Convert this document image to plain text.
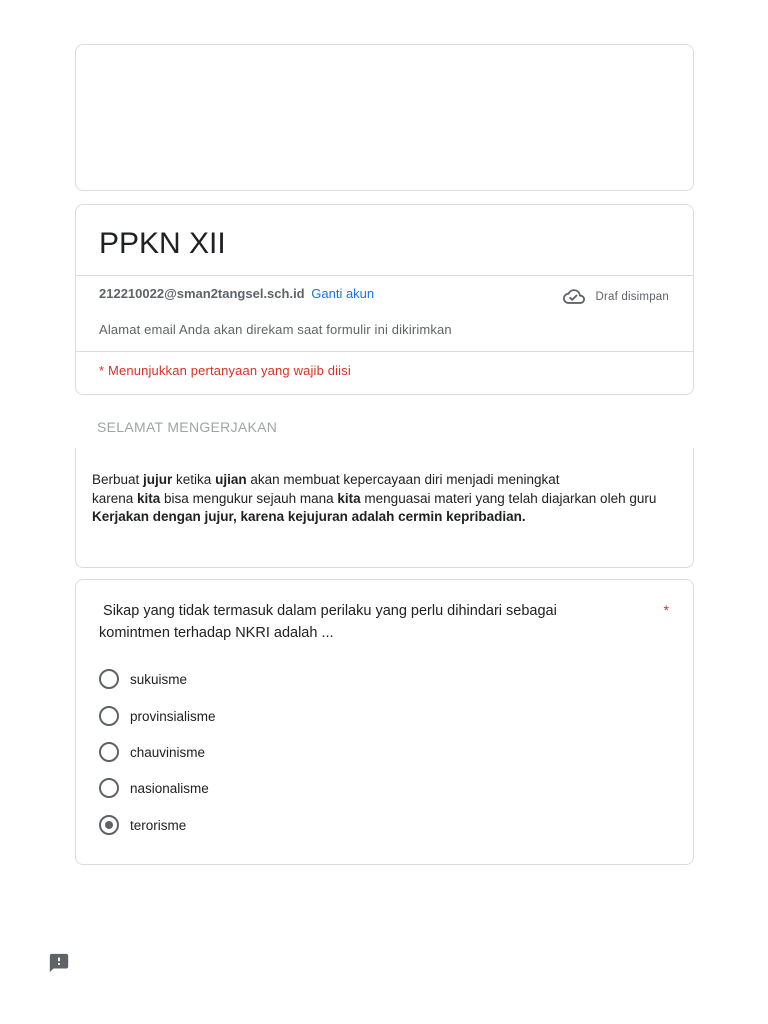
PPKN XII
212210022@sman2tangsel.sch.id Ganti akun	Draf disimpan
Alamat email Anda akan direkam saat formulir ini dikirimkan
* Menunjukkan pertanyaan yang wajib diisi
SELAMAT MENGERJAKAN
Berbuat jujur ketika ujian akan membuat kepercayaan diri menjadi meningkat
karena kita bisa mengukur sejauh mana kita menguasai materi yang telah diajarkan oleh guru
Kerjakan dengan jujur, karena kejujuran adalah cermin kepribadian.
Sikap yang tidak termasuk dalam perilaku yang perlu dihindari sebagai komintmen terhadap NKRI adalah ...
*
sukuisme
provinsialisme
chauvinisme
nasionalisme
terorisme
